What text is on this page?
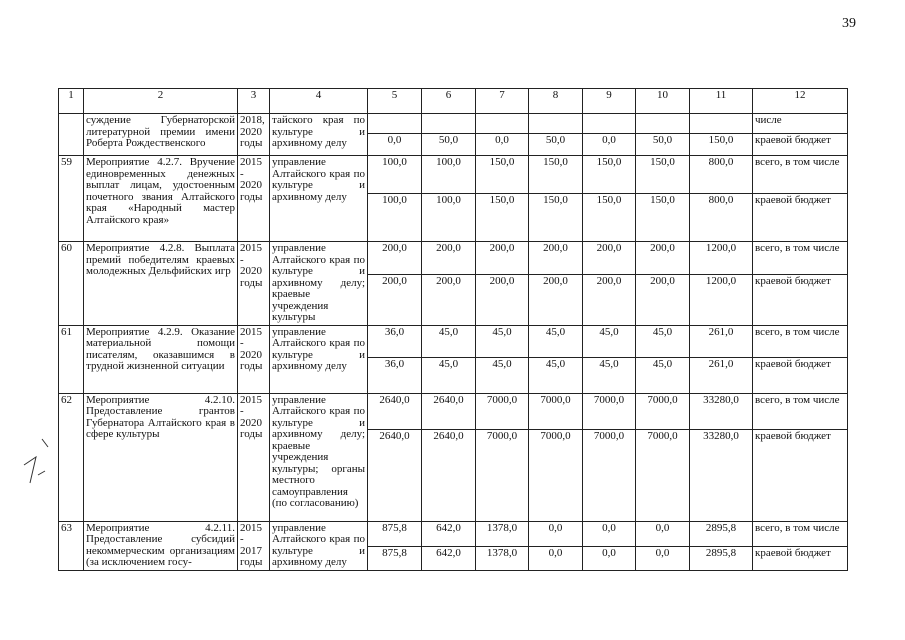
39
1	2	3	4	5	6	7	8	9	10	11	12
	суждение Губернаторской литературной премии имени Роберта Рождественского	2018, 2020 годы	тайского края по культуре и архивному делу								числе
				0,0	50,0	0,0	50,0	0,0	50,0	150,0	краевой бюджет
59	Мероприятие 4.2.7. Вручение единовременных денежных выплат лицам, удостоенным почетного звания Алтайского края «Народный мастер Алтайского края»	2015 - 2020 годы	управление Алтайского края по культуре и архивному делу	100,0	100,0	150,0	150,0	150,0	150,0	800,0	всего, в том числе
				100,0	100,0	150,0	150,0	150,0	150,0	800,0	краевой бюджет
60	Мероприятие 4.2.8. Выплата премий победителям краевых молодежных Дельфийских игр	2015 - 2020 годы	управление Алтайского края по культуре и архивному делу; краевые учреждения культуры	200,0	200,0	200,0	200,0	200,0	200,0	1200,0	всего, в том числе
				200,0	200,0	200,0	200,0	200,0	200,0	1200,0	краевой бюджет
61	Мероприятие 4.2.9. Оказание материальной помощи писателям, оказавшимся в трудной жизненной ситуации	2015 - 2020 годы	управление Алтайского края по культуре и архивному делу	36,0	45,0	45,0	45,0	45,0	45,0	261,0	всего, в том числе
				36,0	45,0	45,0	45,0	45,0	45,0	261,0	краевой бюджет
62	Мероприятие 4.2.10. Предоставление грантов Губернатора Алтайского края в сфере культуры	2015 - 2020 годы	управление Алтайского края по культуре и архивному делу; краевые учреждения культуры; органы местного самоуправления (по согласованию)	2640,0	2640,0	7000,0	7000,0	7000,0	7000,0	33280,0	всего, в том числе
				2640,0	2640,0	7000,0	7000,0	7000,0	7000,0	33280,0	краевой бюджет
63	Мероприятие 4.2.11. Предоставление субсидий некоммерческим организациям (за исключением госу-	2015 - 2017 годы	управление Алтайского края по культуре и архивному делу	875,8	642,0	1378,0	0,0	0,0	0,0	2895,8	всего, в том числе
				875,8	642,0	1378,0	0,0	0,0	0,0	2895,8	краевой бюджет
